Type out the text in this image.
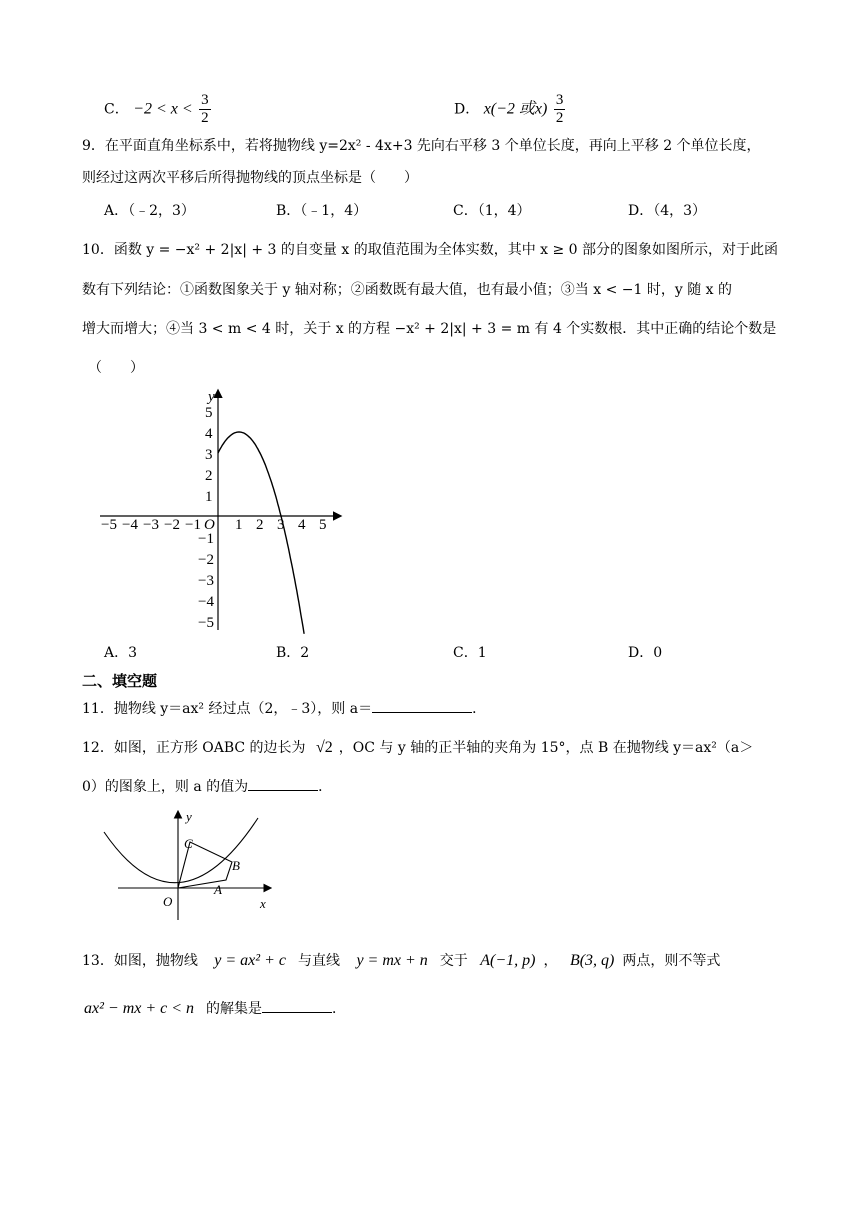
C． $-2 < x < \frac{3}{2}$	D． x(−2 或$x) \frac{3}{2}$
9．在平面直角坐标系中，若将抛物线 y=2x² - 4x+3 先向右平移 3 个单位长度，再向上平移 2 个单位长度，
则经过这两次平移后所得抛物线的顶点坐标是（　　）
A．（﹣2，3）	B．（﹣1，4）	C．（1，4）	D．（4，3）
10．函数 y = −x² + 2|x| + 3 的自变量 x 的取值范围为全体实数，其中 x ≥ 0 部分的图象如图所示，对于此函
数有下列结论：①函数图象关于 y 轴对称；②函数既有最大值，也有最小值；③当 x < −1 时，y 随 x 的
增大而增大；④当 3 < m < 4 时，关于 x 的方程 −x² + 2|x| + 3 = m 有 4 个实数根．其中正确的结论个数是
（　　）
y
O
−5 −4 −3 −2 −1 1 2 3 4 5
5
4
3
2
1
−1
−2
−3
−4
−5
A．3	B．2	C．1	D．0
二、填空题
11．抛物线 y＝ax² 经过点（2，﹣3），则 a＝	．
12．如图，正方形 OABC 的边长为 √2 ，OC 与 y 轴的正半轴的夹角为 15°，点 B 在抛物线 y＝ax²（a＞
0）的图象上，则 a 的值为	．
y
x
O
A
B
C
13．如图，抛物线 y = ax² + c 与直线 y = mx + n 交于 A(−1, p) ， B(3, q) 两点，则不等式
ax² − mx + c < n 的解集是	．
